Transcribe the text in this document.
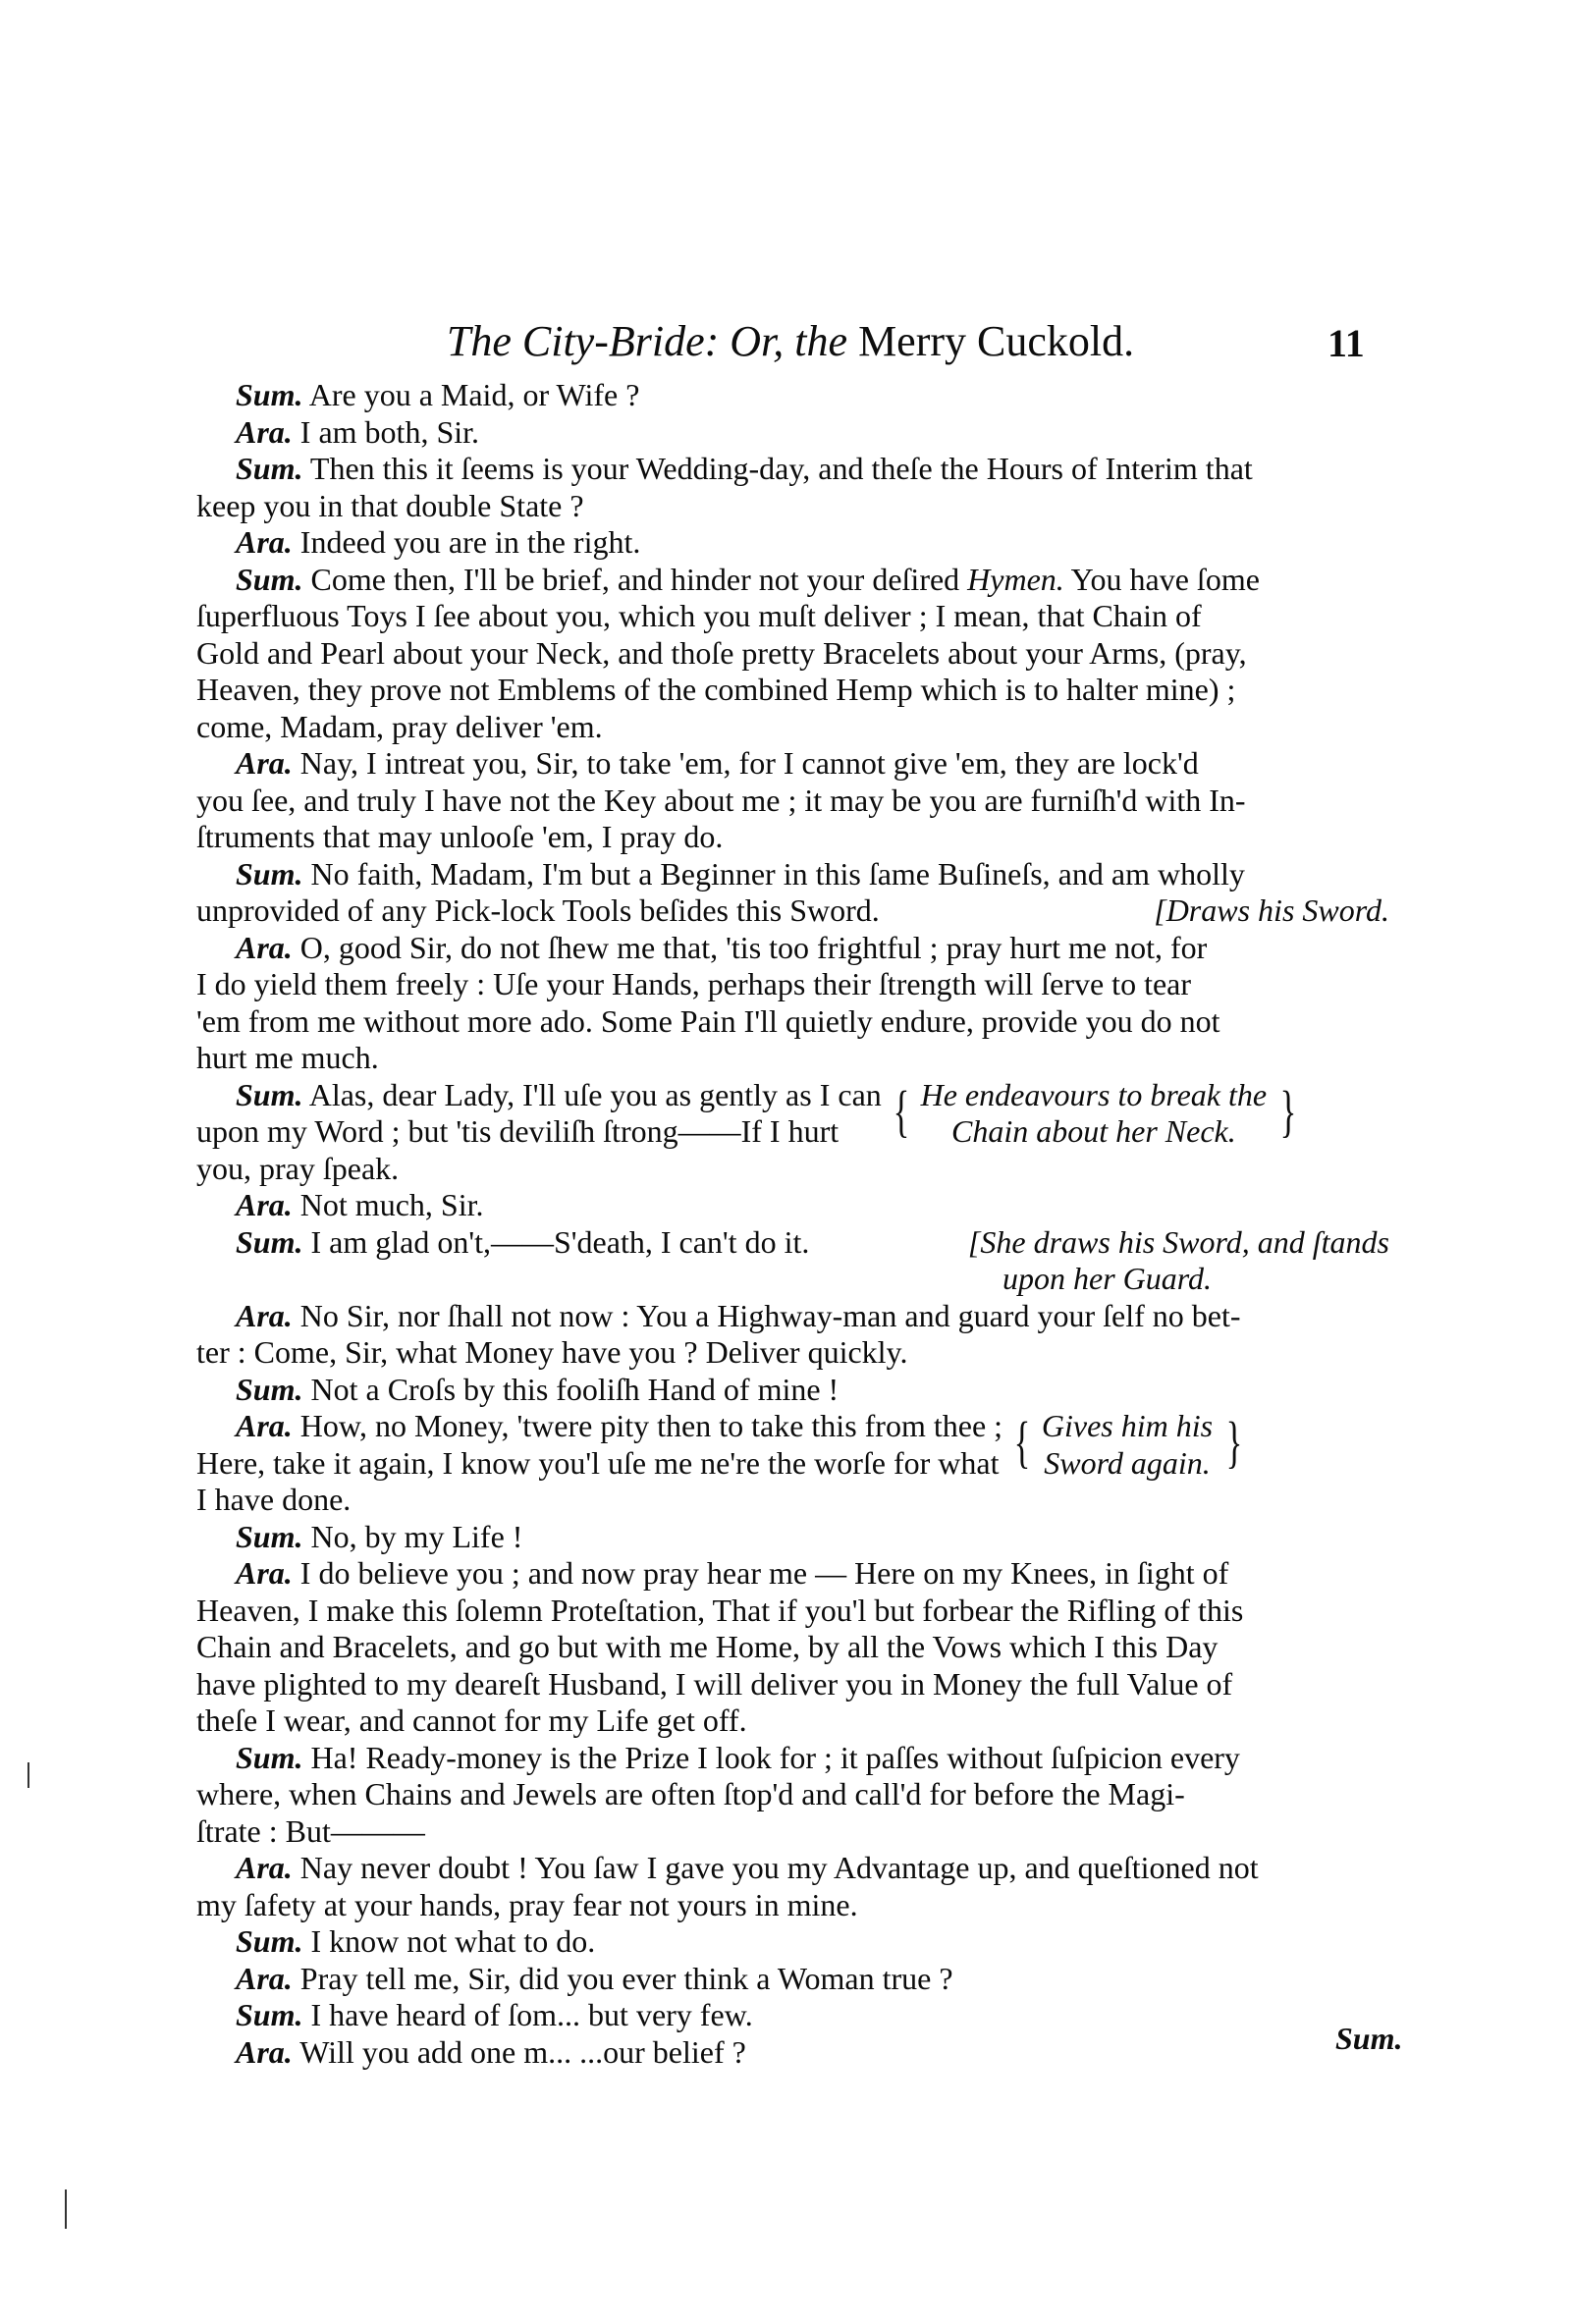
The City-Bride: Or, the Merry Cuckold.	11
Sum. Are you a Maid, or Wife ?
Ara. I am both, Sir.
Sum. Then this it ſeems is your Wedding-day, and theſe the Hours of Interim that
keep you in that double State ?
Ara. Indeed you are in the right.
Sum. Come then, I'll be brief, and hinder not your deſired Hymen. You have ſome
ſuperfluous Toys I ſee about you, which you muſt deliver ; I mean, that Chain of
Gold and Pearl about your Neck, and thoſe pretty Bracelets about your Arms, (pray,
Heaven, they prove not Emblems of the combined Hemp which is to halter mine) ;
come, Madam, pray deliver 'em.
Ara. Nay, I intreat you, Sir, to take 'em, for I cannot give 'em, they are lock'd
you ſee, and truly I have not the Key about me ; it may be you are furniſh'd with In-
ſtruments that may unlooſe 'em, I pray do.
Sum. No faith, Madam, I'm but a Beginner in this ſame Buſineſs, and am wholly
unprovided of any Pick-lock Tools beſides this Sword.	[Draws his Sword.
Ara. O, good Sir, do not ſhew me that, 'tis too frightful ; pray hurt me not, for
I do yield them freely : Uſe your Hands, perhaps their ſtrength will ſerve to tear
'em from me without more ado. Some Pain I'll quietly endure, provide you do not
hurt me much.
Sum. Alas, dear Lady, I'll uſe you as gently as I can
upon my Word ; but 'tis deviliſh ſtrong——If I hurt { He endeavours to break the
Chain about her Neck. }
you, pray ſpeak.
Ara. Not much, Sir.
Sum. I am glad on't,——S'death, I can't do it.	[She draws his Sword, and ſtands
upon her Guard.
Ara. No Sir, nor ſhall not now : You a Highway-man and guard your ſelf no bet-
ter : Come, Sir, what Money have you ? Deliver quickly.
Sum. Not a Croſs by this fooliſh Hand of mine !
Ara. How, no Money, 'twere pity then to take this from thee ;
Here, take it again, I know you'l uſe me ne're the worſe for what { Gives him his
Sword again. }
I have done.
Sum. No, by my Life !
Ara. I do believe you ; and now pray hear me — Here on my Knees, in ſight of
Heaven, I make this ſolemn Proteſtation, That if you'l but forbear the Rifling of this
Chain and Bracelets, and go but with me Home, by all the Vows which I this Day
have plighted to my deareſt Husband, I will deliver you in Money the full Value of
theſe I wear, and cannot for my Life get off.
Sum. Ha! Ready-money is the Prize I look for ; it paſſes without ſuſpicion every
where, when Chains and Jewels are often ſtop'd and call'd for before the Magi-
ſtrate : But———
Ara. Nay never doubt ! You ſaw I gave you my Advantage up, and queſtioned not
my ſafety at your hands, pray fear not yours in mine.
Sum. I know not what to do.
Ara. Pray tell me, Sir, did you ever think a Woman true ?
Sum. I have heard of ſom... but very few.
Ara. Will you add one m... ...our belief ?	Sum.
